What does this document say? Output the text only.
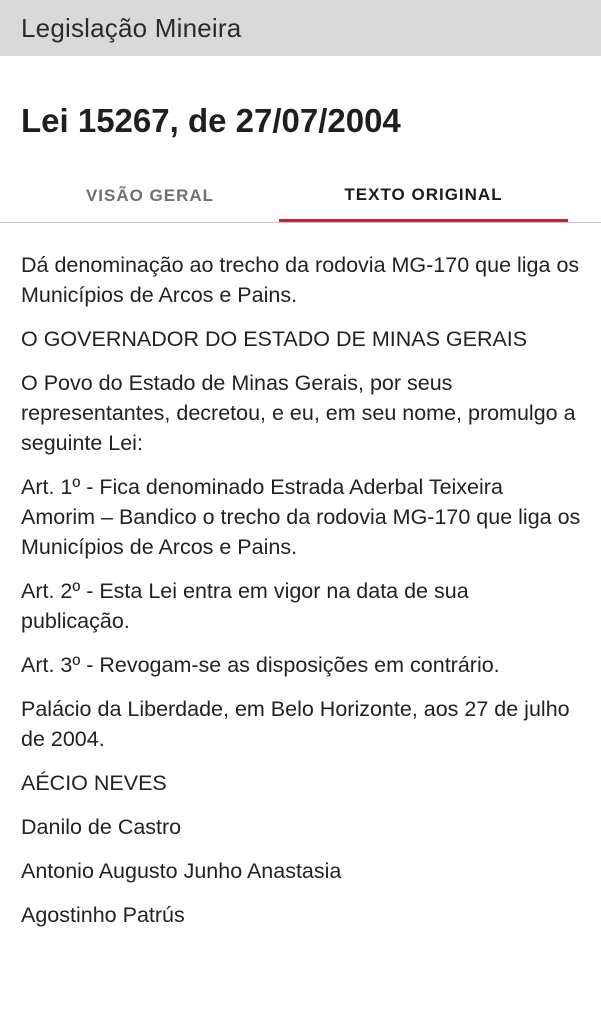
Legislação Mineira
Lei 15267, de 27/07/2004
VISÃO GERAL	TEXTO ORIGINAL

Dá denominação ao trecho da rodovia MG-170 que liga os Municípios de Arcos e Pains.

O GOVERNADOR DO ESTADO DE MINAS GERAIS

O Povo do Estado de Minas Gerais, por seus representantes, decretou, e eu, em seu nome, promulgo a seguinte Lei:

Art. 1º - Fica denominado Estrada Aderbal Teixeira Amorim – Bandico o trecho da rodovia MG-170 que liga os Municípios de Arcos e Pains.

Art. 2º - Esta Lei entra em vigor na data de sua publicação.

Art. 3º - Revogam-se as disposições em contrário.

Palácio da Liberdade, em Belo Horizonte, aos 27 de julho de 2004.

AÉCIO NEVES

Danilo de Castro

Antonio Augusto Junho Anastasia

Agostinho Patrús
